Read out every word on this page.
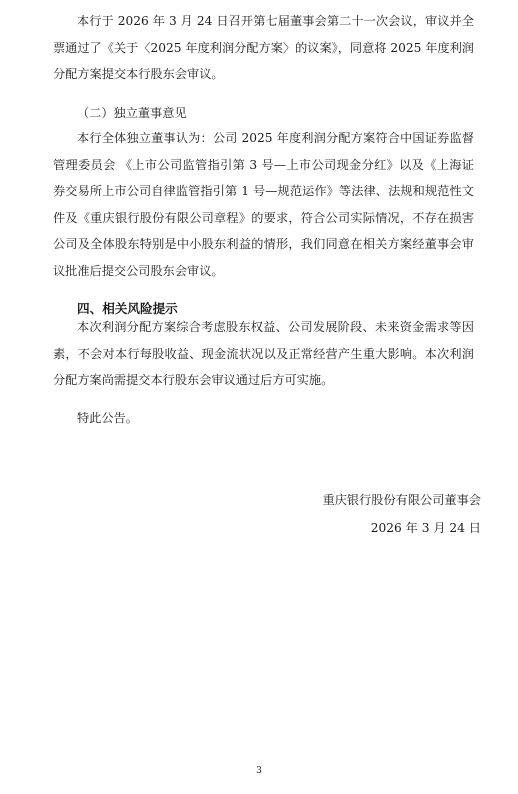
本行于 2026 年 3 月 24 日召开第七届董事会第二十一次会议，审议并全票通过了《关于〈2025 年度利润分配方案〉的议案》，同意将 2025 年度利润分配方案提交本行股东会审议。

（二）独立董事意见

本行全体独立董事认为：公司 2025 年度利润分配方案符合中国证券监督管理委员会 《上市公司监管指引第 3 号—上市公司现金分红》以及《上海证券交易所上市公司自律监管指引第 1 号—规范运作》等法律、法规和规范性文件及《重庆银行股份有限公司章程》的要求，符合公司实际情况，不存在损害公司及全体股东特别是中小股东利益的情形，我们同意在相关方案经董事会审议批准后提交公司股东会审议。

四、相关风险提示

本次利润分配方案综合考虑股东权益、公司发展阶段、未来资金需求等因素，不会对本行每股收益、现金流状况以及正常经营产生重大影响。本次利润分配方案尚需提交本行股东会审议通过后方可实施。

特此公告。

重庆银行股份有限公司董事会

2026 年 3 月 24 日

3
